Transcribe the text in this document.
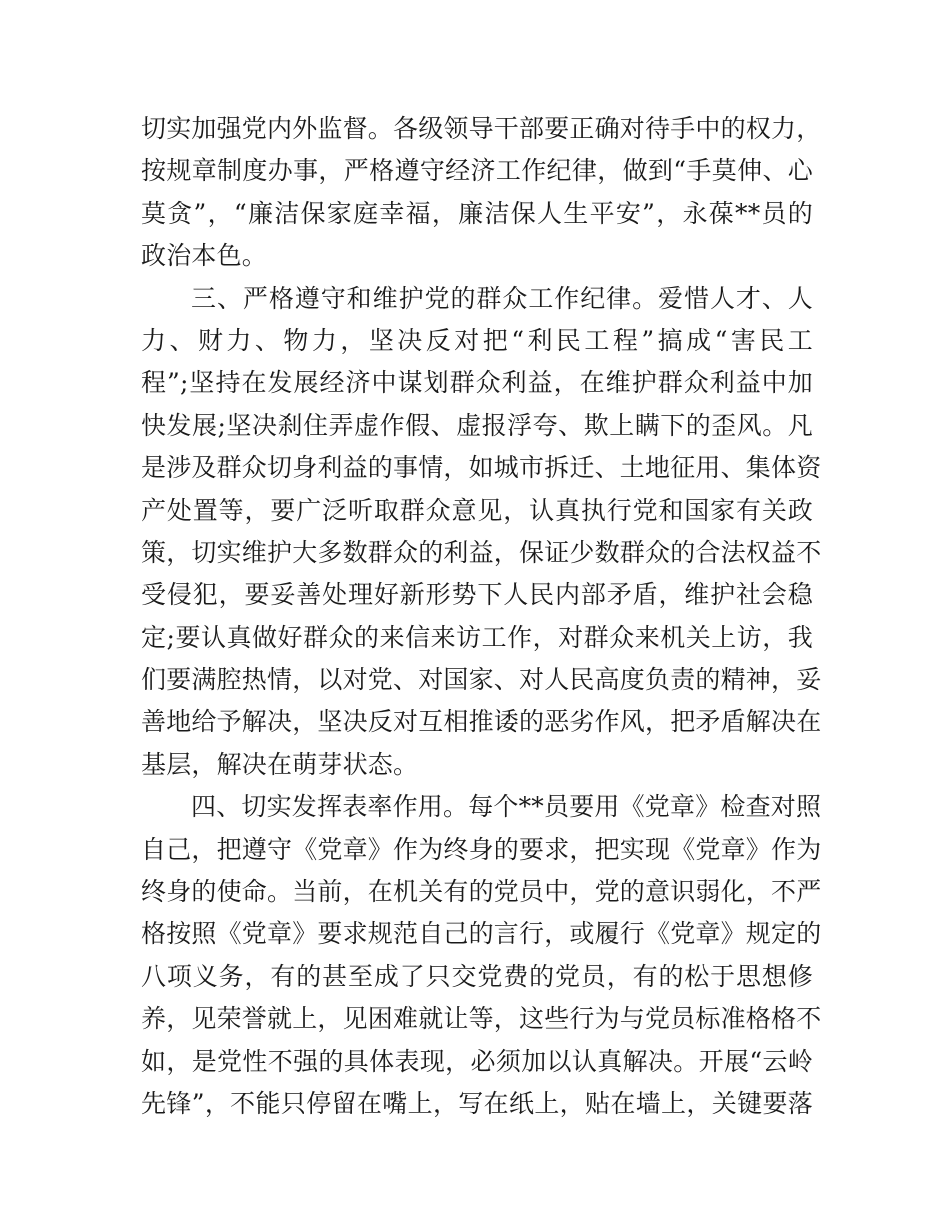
切实加强党内外监督。各级领导干部要正确对待手中的权力，
按规章制度办事，严格遵守经济工作纪律，做到“手莫伸、心
莫贪”，“廉洁保家庭幸福，廉洁保人生平安”，永葆**员的
政治本色。
三、严格遵守和维护党的群众工作纪律。爱惜人才、人
力、财力、物力，坚决反对把“利民工程”搞成“害民工
程”;坚持在发展经济中谋划群众利益，在维护群众利益中加
快发展;坚决刹住弄虚作假、虚报浮夸、欺上瞒下的歪风。凡
是涉及群众切身利益的事情，如城市拆迁、土地征用、集体资
产处置等，要广泛听取群众意见，认真执行党和国家有关政
策，切实维护大多数群众的利益，保证少数群众的合法权益不
受侵犯，要妥善处理好新形势下人民内部矛盾，维护社会稳
定;要认真做好群众的来信来访工作，对群众来机关上访，我
们要满腔热情，以对党、对国家、对人民高度负责的精神，妥
善地给予解决，坚决反对互相推诿的恶劣作风，把矛盾解决在
基层，解决在萌芽状态。
四、切实发挥表率作用。每个**员要用《党章》检查对照
自己，把遵守《党章》作为终身的要求，把实现《党章》作为
终身的使命。当前，在机关有的党员中，党的意识弱化，不严
格按照《党章》要求规范自己的言行，或履行《党章》规定的
八项义务，有的甚至成了只交党费的党员，有的松于思想修
养，见荣誉就上，见困难就让等，这些行为与党员标准格格不
如，是党性不强的具体表现，必须加以认真解决。开展“云岭
先锋”，不能只停留在嘴上，写在纸上，贴在墙上，关键要落
